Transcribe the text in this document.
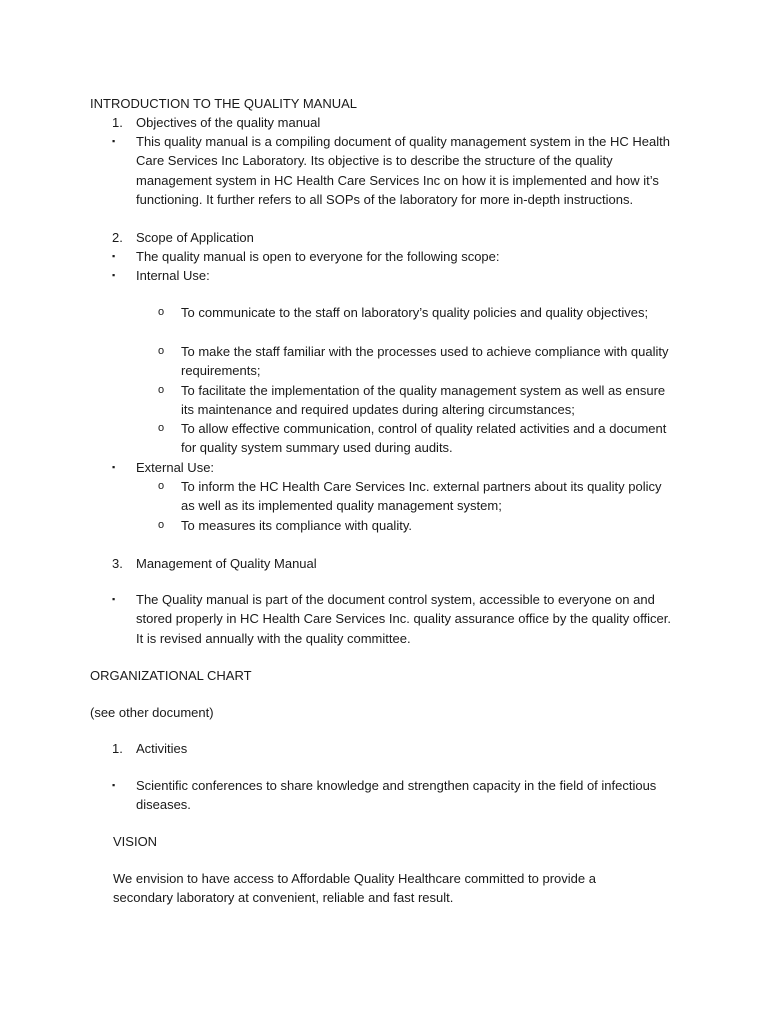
INTRODUCTION TO THE QUALITY MANUAL
1.	Objectives of the quality manual
▪	This quality manual is a compiling document of quality management system in the HC Health Care Services Inc Laboratory. Its objective is to describe the structure of the quality management system in HC Health Care Services Inc on how it is implemented and how it’s functioning. It further refers to all SOPs of the laboratory for more in-depth instructions.
2.	Scope of Application
▪	The quality manual is open to everyone for the following scope:
▪	Internal Use:
o	To communicate to the staff on laboratory’s quality policies and quality objectives;
o	To make the staff familiar with the processes used to achieve compliance with quality requirements;
o	To facilitate the implementation of the quality management system as well as ensure its maintenance and required updates during altering circumstances;
o	To allow effective communication, control of quality related activities and a document for quality system summary used during audits.
▪	External Use:
o	To inform the HC Health Care Services Inc. external partners about its quality policy as well as its implemented quality management system;
o	To measures its compliance with quality.
3.	Management of Quality Manual
▪	The Quality manual is part of the document control system, accessible to everyone on and stored properly in HC Health Care Services Inc. quality assurance office by the quality officer. It is revised annually with the quality committee.
ORGANIZATIONAL CHART
(see other document)
1.	Activities
▪	Scientific conferences to share knowledge and strengthen capacity in the field of infectious diseases.
VISION
We envision to have access to Affordable Quality Healthcare committed to provide a secondary laboratory at convenient, reliable and fast result.
